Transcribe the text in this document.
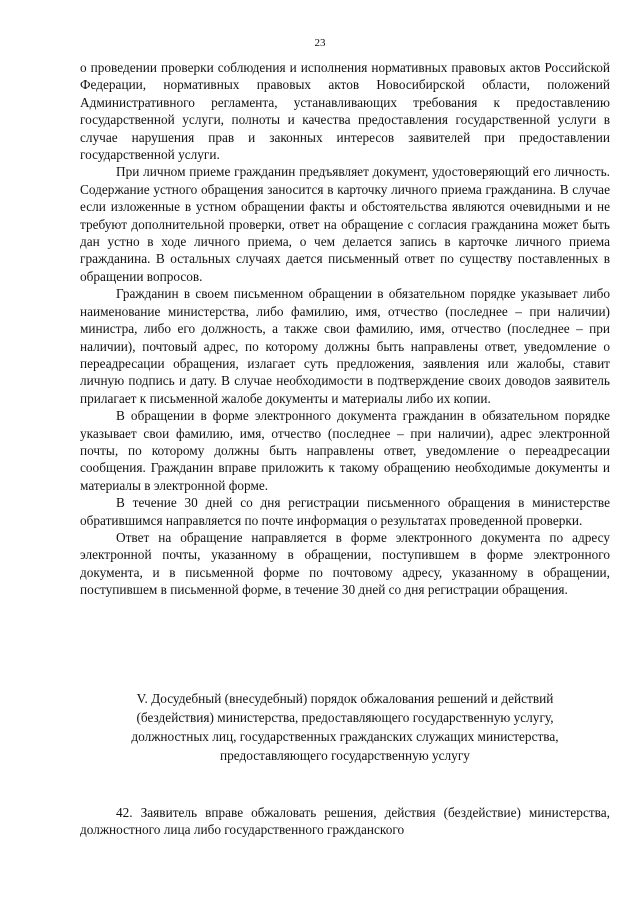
23

о проведении проверки соблюдения и исполнения нормативных правовых актов Российской Федерации, нормативных правовых актов Новосибирской области, положений Административного регламента, устанавливающих требования к предоставлению государственной услуги, полноты и качества предоставления государственной услуги в случае нарушения прав и законных интересов заявителей при предоставлении государственной услуги.

При личном приеме гражданин предъявляет документ, удостоверяющий его личность. Содержание устного обращения заносится в карточку личного приема гражданина. В случае если изложенные в устном обращении факты и обстоятельства являются очевидными и не требуют дополнительной проверки, ответ на обращение с согласия гражданина может быть дан устно в ходе личного приема, о чем делается запись в карточке личного приема гражданина. В остальных случаях дается письменный ответ по существу поставленных в обращении вопросов.

Гражданин в своем письменном обращении в обязательном порядке указывает либо наименование министерства, либо фамилию, имя, отчество (последнее – при наличии) министра, либо его должность, а также свои фамилию, имя, отчество (последнее – при наличии), почтовый адрес, по которому должны быть направлены ответ, уведомление о переадресации обращения, излагает суть предложения, заявления или жалобы, ставит личную подпись и дату. В случае необходимости в подтверждение своих доводов заявитель прилагает к письменной жалобе документы и материалы либо их копии.

В обращении в форме электронного документа гражданин в обязательном порядке указывает свои фамилию, имя, отчество (последнее – при наличии), адрес электронной почты, по которому должны быть направлены ответ, уведомление о переадресации сообщения. Гражданин вправе приложить к такому обращению необходимые документы и материалы в электронной форме.

В течение 30 дней со дня регистрации письменного обращения в министерстве обратившимся направляется по почте информация о результатах проведенной проверки.

Ответ на обращение направляется в форме электронного документа по адресу электронной почты, указанному в обращении, поступившем в форме электронного документа, и в письменной форме по почтовому адресу, указанному в обращении, поступившем в письменной форме, в течение 30 дней со дня регистрации обращения.

V. Досудебный (внесудебный) порядок обжалования решений и действий
(бездействия) министерства, предоставляющего государственную услугу,
должностных лиц, государственных гражданских служащих министерства,
предоставляющего государственную услугу

42. Заявитель вправе обжаловать решения, действия (бездействие) министерства, должностного лица либо государственного гражданского
